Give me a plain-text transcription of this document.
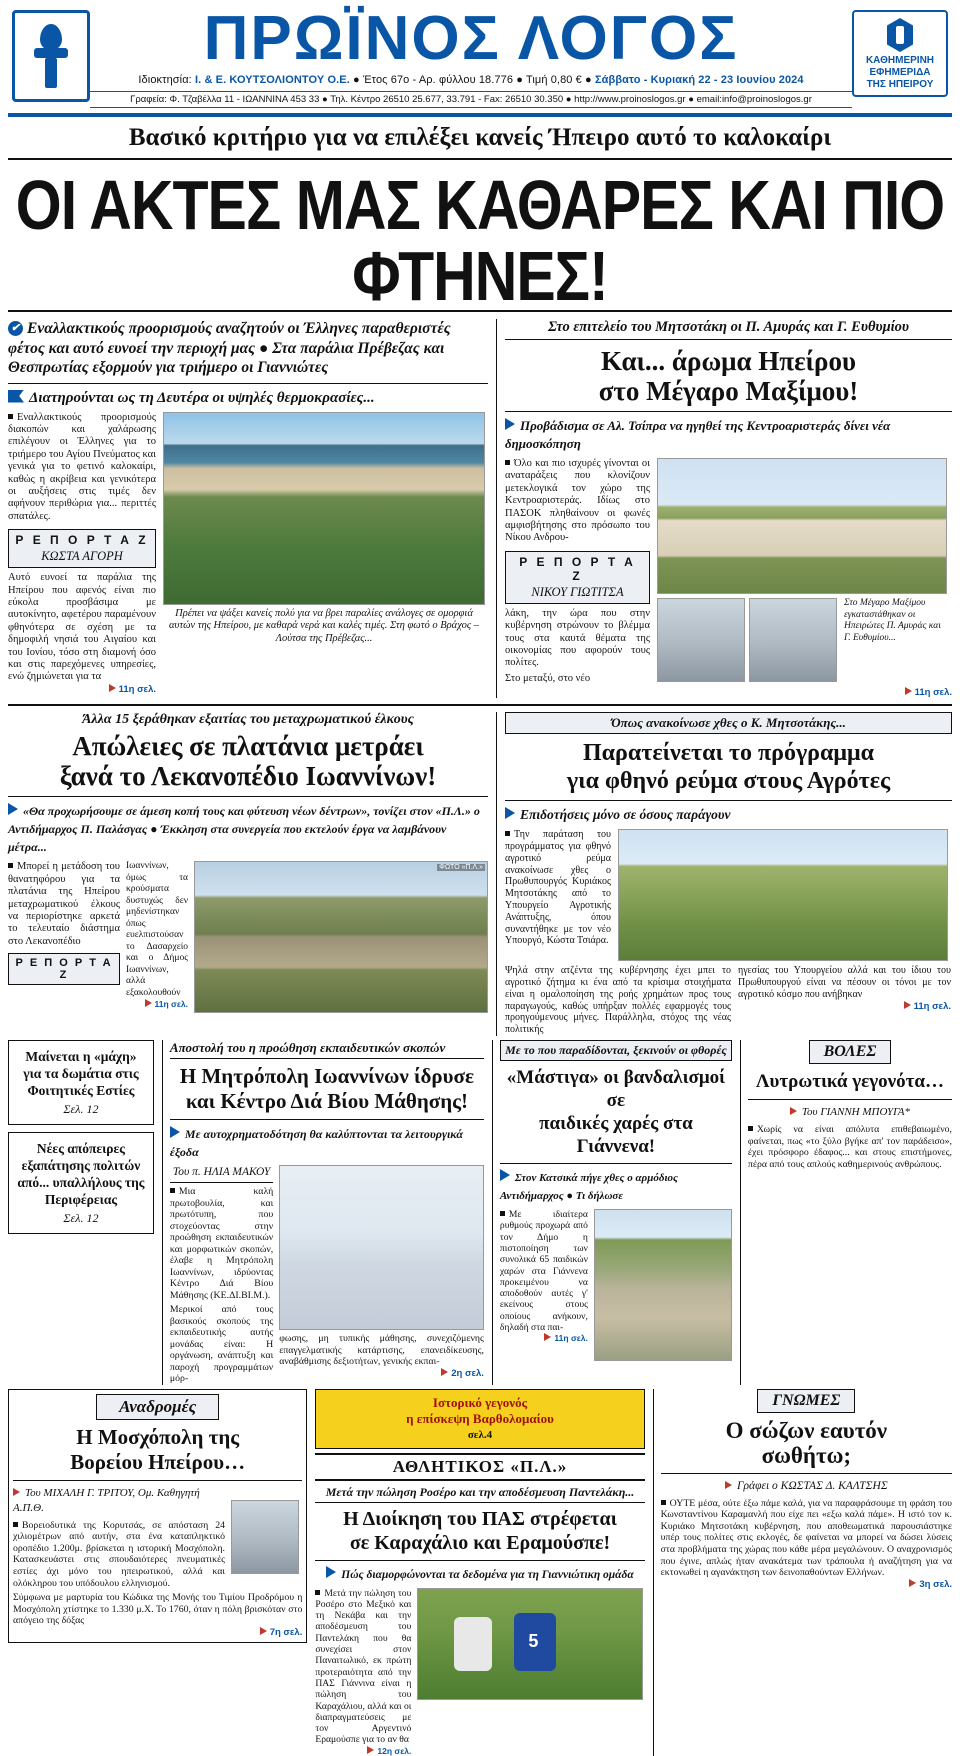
ΠΡΩΪΝΟΣ ΛΟΓΟΣ
Ιδιοκτησία: Ι. & Ε. ΚΟΥΤΣΟΛΙΟΝΤΟΥ Ο.Ε. ● Έτος 67ο - Αρ. φύλλου 18.776 ● Τιμή 0,80 € ● Σάββατο - Κυριακή 22 - 23 Ιουνίου 2024
Γραφεία: Φ. Τζαβέλλα 11 - ΙΩΑΝΝΙΝΑ 453 33 ● Τηλ. Κέντρο 26510 25.677, 33.791 - Fax: 26510 30.350 ● http://www.proinoslogos.gr ● email:info@proinoslogos.gr
ΚΑΘΗΜΕΡΙΝΗ
ΕΦΗΜΕΡΙΔΑ
ΤΗΣ ΗΠΕΙΡΟΥ
Βασικό κριτήριο για να επιλέξει κανείς Ήπειρο αυτό το καλοκαίρι
ΟΙ ΑΚΤΕΣ ΜΑΣ ΚΑΘΑΡΕΣ ΚΑΙ ΠΙΟ ΦΤΗΝΕΣ!
✔ Εναλλακτικούς προορισμούς αναζητούν οι Έλληνες παραθεριστές φέτος και αυτό ευνοεί την περιοχή μας ● Στα παράλια Πρέβεζας και Θεσπρωτίας εξορμούν για τριήμερο οι Γιαννιώτες
Διατηρούνται ως τη Δευτέρα οι υψηλές θερμοκρασίες...
Εναλλακτικούς προορισμούς διακοπών και χαλάρωσης επιλέγουν οι Έλληνες για το τριήμερο του Αγίου Πνεύματος και γενικά για το φετινό καλοκαίρι, καθώς η ακρίβεια και γενικότερα οι αυξήσεις στις τιμές δεν αφήνουν περιθώρια για... περιττές σπατάλες.
Ρ Ε Π Ο Ρ Τ Α Ζ
ΚΩΣΤΑ ΑΓΟΡΗ
Αυτό ευνοεί τα παράλια της Ηπείρου που αφενός είναι πιο εύκολα προσβάσιμα με αυτοκίνητο, αφετέρου παραμένουν φθηνότερα σε σχέση με τα δημοφιλή νησιά του Αιγαίου και του Ιονίου, τόσο στη διαμονή όσο και στις παρεχόμενες υπηρεσίες, ενώ ζημιώνεται για τα
11η σελ.
Πρέπει να ψάξει κανείς πολύ για να βρει παραλίες ανάλογες σε ομορφιά αυτών της Ηπείρου, με καθαρά νερά και καλές τιμές. Στη φωτό ο Βράχος – Λούτσα της Πρέβεζας...
Στο επιτελείο του Μητσοτάκη οι Π. Αμυράς και Γ. Ευθυμίου
Και... άρωμα Ηπείρου
στο Μέγαρο Μαξίμου!
Προβάδισμα σε Αλ. Τσίπρα να ηγηθεί της Κεντροαριστεράς δίνει νέα δημοσκόπηση
Όλο και πιο ισχυρές γίνονται οι αναταράξεις που κλονίζουν μετεκλογικά τον χώρο της Κεντροαριστεράς. Ιδίως στο ΠΑΣΟΚ πληθαίνουν οι φωνές αμφισβήτησης στο πρόσωπο του Νίκου Ανδρου-
Ρ Ε Π Ο Ρ Τ Α Ζ
ΝΙΚΟΥ ΓΙΩΤΙΤΣΑ
λάκη, την ώρα που στην κυβέρνηση στρώνουν το βλέμμα τους στα καυτά θέματα της οικονομίας που αφορούν τους πολίτες.
Στο μεταξύ, στο νέο
Στο Μέγαρο Μαξίμου εγκαταστάθηκαν οι Ηπειρώτες Π. Αμυράς και Γ. Ευθυμίου...
11η σελ.
Άλλα 15 ξεράθηκαν εξαιτίας του μεταχρωματικού έλκους
Απώλειες σε πλατάνια μετράει
ξανά το Λεκανοπέδιο Ιωαννίνων!
«Θα προχωρήσουμε σε άμεση κοπή τους και φύτευση νέων δέντρων», τονίζει στον «Π.Λ.» ο Αντιδήμαρχος Π. Παλάσγας ● Έκκληση στα συνεργεία που εκτελούν έργα να λαμβάνουν μέτρα...
Μπορεί η μετάδοση του θανατηφόρου για τα πλατάνια της Ηπείρου μεταχρωματικού έλκους να περιορίστηκε αρκετά το τελευταίο διάστημα στο Λεκανοπέδιο
Ρ Ε Π Ο Ρ Τ Α Ζ
Ιωαννίνων, όμως τα κρούσματα δυστυχώς δεν μηδενίστηκαν όπως ευελπιστούσαν το Δασαρχείο και ο Δήμος Ιωαννίνων, αλλά εξακολουθούν
11η σελ.
ΦΩΤΟ «Π.Λ.»
Όπως ανακοίνωσε χθες ο Κ. Μητσοτάκης...
Παρατείνεται το πρόγραμμα
για φθηνό ρεύμα στους Αγρότες
Επιδοτήσεις μόνο σε όσους παράγουν
Την παράταση του προγράμματος για φθηνό αγροτικό ρεύμα ανακοίνωσε χθες ο Πρωθυπουργός Κυριάκος Μητσοτάκης από το Υπουργείο Αγροτικής Ανάπτυξης, όπου συναντήθηκε με τον νέο Υπουργό, Κώστα Τσιάρα.
Ψηλά στην ατζέντα της κυβέρνησης έχει μπει το αγροτικό ζήτημα κι ένα από τα κρίσιμα στοιχήματα είναι η ομαλοποίηση της ροής χρημάτων προς τους παραγωγούς, καθώς υπήρξαν πολλές εφαρμογές τους προηγούμενους μήνες. Παράλληλα, στόχος της νέας πολιτικής
ηγεσίας του Υπουργείου αλλά και του ίδιου του Πρωθυπουργού είναι να πέσουν οι τόνοι με τον αγροτικό κόσμο που ανήβηκαν
11η σελ.
Μαίνεται η «μάχη» για τα δωμάτια στις Φοιτητικές Εστίες
Σελ. 12
Νέες απόπειρες εξαπάτησης πολιτών από... υπαλλήλους της Περιφέρειας
Σελ. 12
Αποστολή του η προώθηση εκπαιδευτικών σκοπών
Η Μητρόπολη Ιωαννίνων ίδρυσε
και Κέντρο Διά Βίου Μάθησης!
Με αυτοχρηματοδότηση θα καλύπτονται τα λειτουργικά έξοδα
Του π. ΗΛΙΑ ΜΑΚΟΥ
Μια καλή πρωτοβουλία, και πρωτότυπη, που στοχεύοντας στην προώθηση εκπαιδευτικών και μορφωτικών σκοπών, έλαβε η Μητρόπολη Ιωαννίνων, ιδρύοντας Κέντρο Διά Βίου Μάθησης (ΚΕ.ΔΙ.ΒΙ.Μ.).
Μερικοί από τους βασικούς σκοπούς της εκπαιδευτικής αυτής μονάδας είναι: Η οργάνωση, ανάπτυξη και παροχή προγραμμάτων μόρ-
φωσης, μη τυπικής μάθησης, συνεχιζόμενης επαγγελματικής κατάρτισης, επανειδίκευσης, αναβάθμισης δεξιοτήτων, γενικής εκπαι-
2η σελ.
Με το που παραδίδονται, ξεκινούν οι φθορές
«Μάστιγα» οι βανδαλισμοί σε
παιδικές χαρές στα Γιάννενα!
Στον Κατσικά πήγε χθες ο αρμόδιος Αντιδήμαρχος ● Τι δήλωσε
Με ιδιαίτερα ρυθμούς προχωρά από τον Δήμο η πιστοποίηση των συνολικά 65 παιδικών χαρών στα Γιάννενα προκειμένου να αποδοθούν αυτές γ' εκείνους στους οποίους ανήκουν, δηλαδή στα παι-
11η σελ.
ΒΟΛΕΣ
Λυτρωτικά γεγονότα…
Του ΓΙΑΝΝΗ ΜΠΟΥΓΑ*
Χωρίς να είναι απόλυτα επιθεβαιωμένο, φαίνεται, πως «το ξύλο βγήκε απ' τον παράδεισο», έχει πρόσφορο έδαφος... και στους επιστήμονες, πέρα από τους απλούς καθημερινούς ανθρώπους.
Αναδρομές
Η Μοσχόπολη της
Βορείου Ηπείρου…
Του ΜΙΧΑΛΗ Γ. ΤΡΙΤΟΥ, Ομ. Καθηγητή Α.Π.Θ.
Βορειοδυτικά της Κορυτσάς, σε απόσταση 24 χιλιομέτρων από αυτήν, στα ένα καταπληκτικό οροπέδιο 1.200μ. βρίσκεται η ιστορική Μοσχόπολη. Κατασκευάστει στις σπουδαιότερες πνευματικές εστίες άχι μόνο του ηπειρωτικού, αλλά και ολόκληρου του υπόδουλου ελληνισμού.
Σύμφωνα με μαρτυρία του Κώδικα της Μονής του Τιμίου Προδρόμου η Μοσχόπολη χτίστηκε το 1.330 μ.Χ. Το 1760, όταν η πόλη βρισκόταν στο απόγειο της δόξας
7η σελ.
Ιστορικό γεγονός
η επίσκεψη Βαρθολομαίου
σελ.4
ΑΘΛΗΤΙΚΟΣ «Π.Λ.»
Μετά την πώληση Ροσέρο και την αποδέσμευση Παντελάκη...
Η Διοίκηση του ΠΑΣ στρέφεται
σε Καραχάλιο και Εραμούσπε!
Πώς διαμορφώνονται τα δεδομένα για τη Γιαννιώτικη ομάδα
Μετά την πώληση του Ροσέρο στο Μεξικό και τη Νεκάβα και την αποδέσμευση του Παντελάκη που θα συνεχίσει στον Παναιτωλικό, εκ πρώτη προτεραιότητα από την ΠΑΣ Γιάννινα είναι η πώληση του Καραχάλιου, αλλά και οι διαπραγματεύσεις με τον Αργεντινό Εραμούσπε για το αν θα
12η σελ.
5
ΓΝΩΜΕΣ
Ο σώζων εαυτόν
σωθήτω;
Γράφει ο ΚΩΣΤΑΣ Δ. ΚΑΛΤΣΗΣ
ΟΥΤΕ μέσα, ούτε έξω πάμε καλά, για να παραφράσουμε τη φράση του Κωνσταντίνου Καραμανλή που είχε πει «εξω καλά πάμε». Η ιστό τον κ. Κυριάκο Μητσοτάκη κυβέρνηση, που αποθεωματικά παρουσιάστηκε υπέρ τους πολίτες στις εκλογές, δε φαίνεται να μπορεί να δώσει λύσεις στα προβλήματα της χώρας που κάθε μέρα μεγαλώνουν. Ο αναχρονισμός που έγινε, απλώς ήταν ανακάτεμα των τράπουλα ή αναζήτηση για να εκτονωθεί η αγανάκτηση των δεινοπαθούντων Ελλήνων.
3η σελ.
